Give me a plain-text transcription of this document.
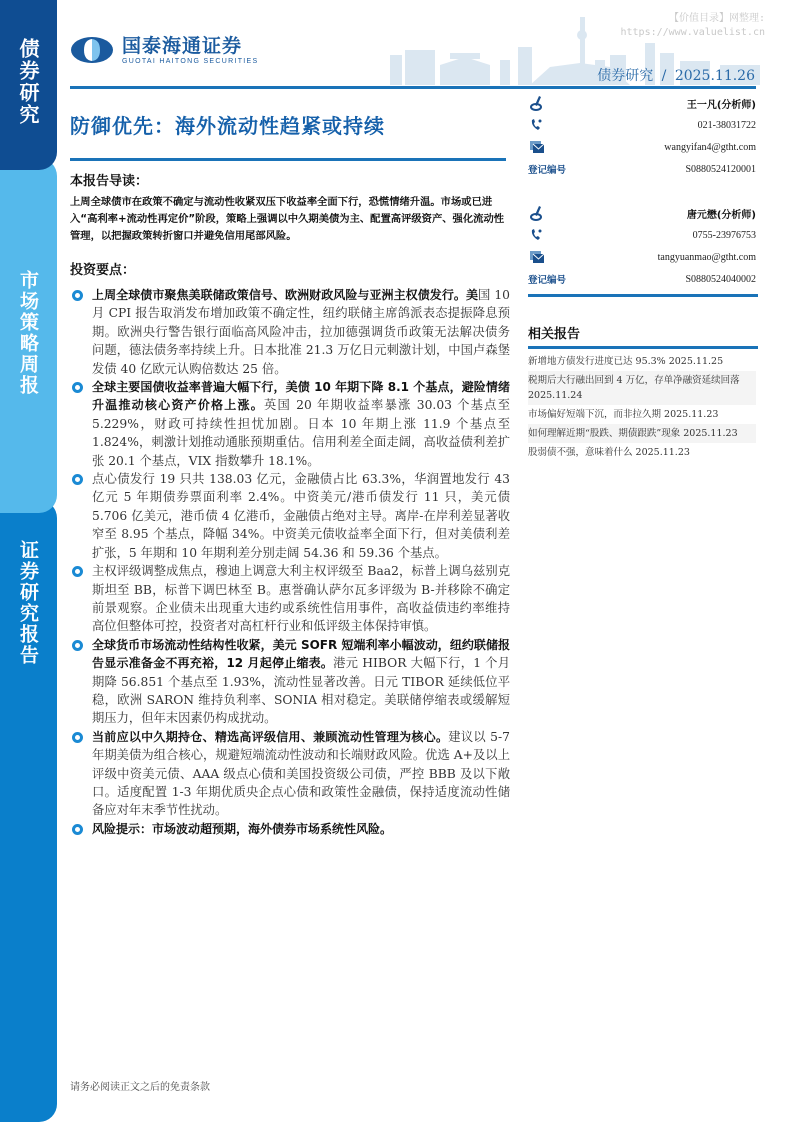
债券研究
市场策略周报
证券研究报告
【价值目录】网整理:
https://www.valuelist.cn
国泰海通证券
GUOTAI HAITONG SECURITIES
债券研究 / 2025.11.26
防御优先：海外流动性趋紧或持续
本报告导读：

上周全球债市在政策不确定与流动性收紧双压下收益率全面下行，恐慌情绪升温。市场或已进入“高利率+流动性再定价”阶段，策略上强调以中久期美债为主、配置高评级资产、强化流动性管理，以把握政策转折窗口并避免信用尾部风险。

投资要点：
上周全球债市聚焦美联储政策信号、欧洲财政风险与亚洲主权债发行。美国 10 月 CPI 报告取消发布增加政策不确定性，纽约联储主席鸽派表态提振降息预期。欧洲央行警告银行面临高风险冲击，拉加德强调货币政策无法解决债务问题，德法债务率持续上升。日本批准 21.3 万亿日元刺激计划，中国卢森堡发债 40 亿欧元认购倍数达 25 倍。
全球主要国债收益率普遍大幅下行，美债 10 年期下降 8.1 个基点，避险情绪升温推动核心资产价格上涨。英国 20 年期收益率暴涨 30.03 个基点至 5.229%，财政可持续性担忧加剧。日本 10 年期上涨 11.9 个基点至 1.824%，刺激计划推动通胀预期重估。信用利差全面走阔，高收益债利差扩张 20.1 个基点，VIX 指数攀升 18.1%。
点心债发行 19 只共 138.03 亿元，金融债占比 63.3%，华润置地发行 43 亿元 5 年期债券票面利率 2.4%。中资美元/港币债发行 11 只，美元债 5.706 亿美元，港币债 4 亿港币，金融债占绝对主导。离岸-在岸利差显著收窄至 8.95 个基点，降幅 34%。中资美元债收益率全面下行，但对美债利差扩张，5 年期和 10 年期利差分别走阔 54.36 和 59.36 个基点。
主权评级调整成焦点，穆迪上调意大利主权评级至 Baa2，标普上调乌兹别克斯坦至 BB，标普下调巴林至 B。惠誉确认萨尔瓦多评级为 B-并移除不确定前景观察。企业债未出现重大违约或系统性信用事件，高收益债违约率维持高位但整体可控，投资者对高杠杆行业和低评级主体保持审慎。
全球货币市场流动性结构性收紧，美元 SOFR 短端利率小幅波动，纽约联储报告显示准备金不再充裕，12 月起停止缩表。港元 HIBOR 大幅下行，1 个月期降 56.851 个基点至 1.93%，流动性显著改善。日元 TIBOR 延续低位平稳，欧洲 SARON 维持负利率、SONIA 相对稳定。美联储停缩表或缓解短期压力，但年末因素仍构成扰动。
当前应以中久期持仓、精选高评级信用、兼顾流动性管理为核心。建议以 5-7 年期美债为组合核心，规避短端流动性波动和长端财政风险。优选 A+及以上评级中资美元债、AAA 级点心债和美国投资级公司债，严控 BBB 及以下敞口。适度配置 1-3 年期优质央企点心债和政策性金融债，保持适度流动性储备应对年末季节性扰动。
风险提示：市场波动超预期，海外债券市场系统性风险。
王一凡(分析师)
021-38031722
wangyifan4@gtht.com
登记编号	S0880524120001
唐元懋(分析师)
0755-23976753
tangyuanmao@gtht.com
登记编号	S0880524040002
相关报告
新增地方债发行进度已达 95.3% 2025.11.25
税期后大行融出回到 4 万亿，存单净融资延续回落 2025.11.24
市场偏好短端下沉，而非拉久期 2025.11.23
如何理解近期“股跌、期债跟跌”现象 2025.11.23
股弱债不强，意味着什么 2025.11.23
请务必阅读正文之后的免责条款
